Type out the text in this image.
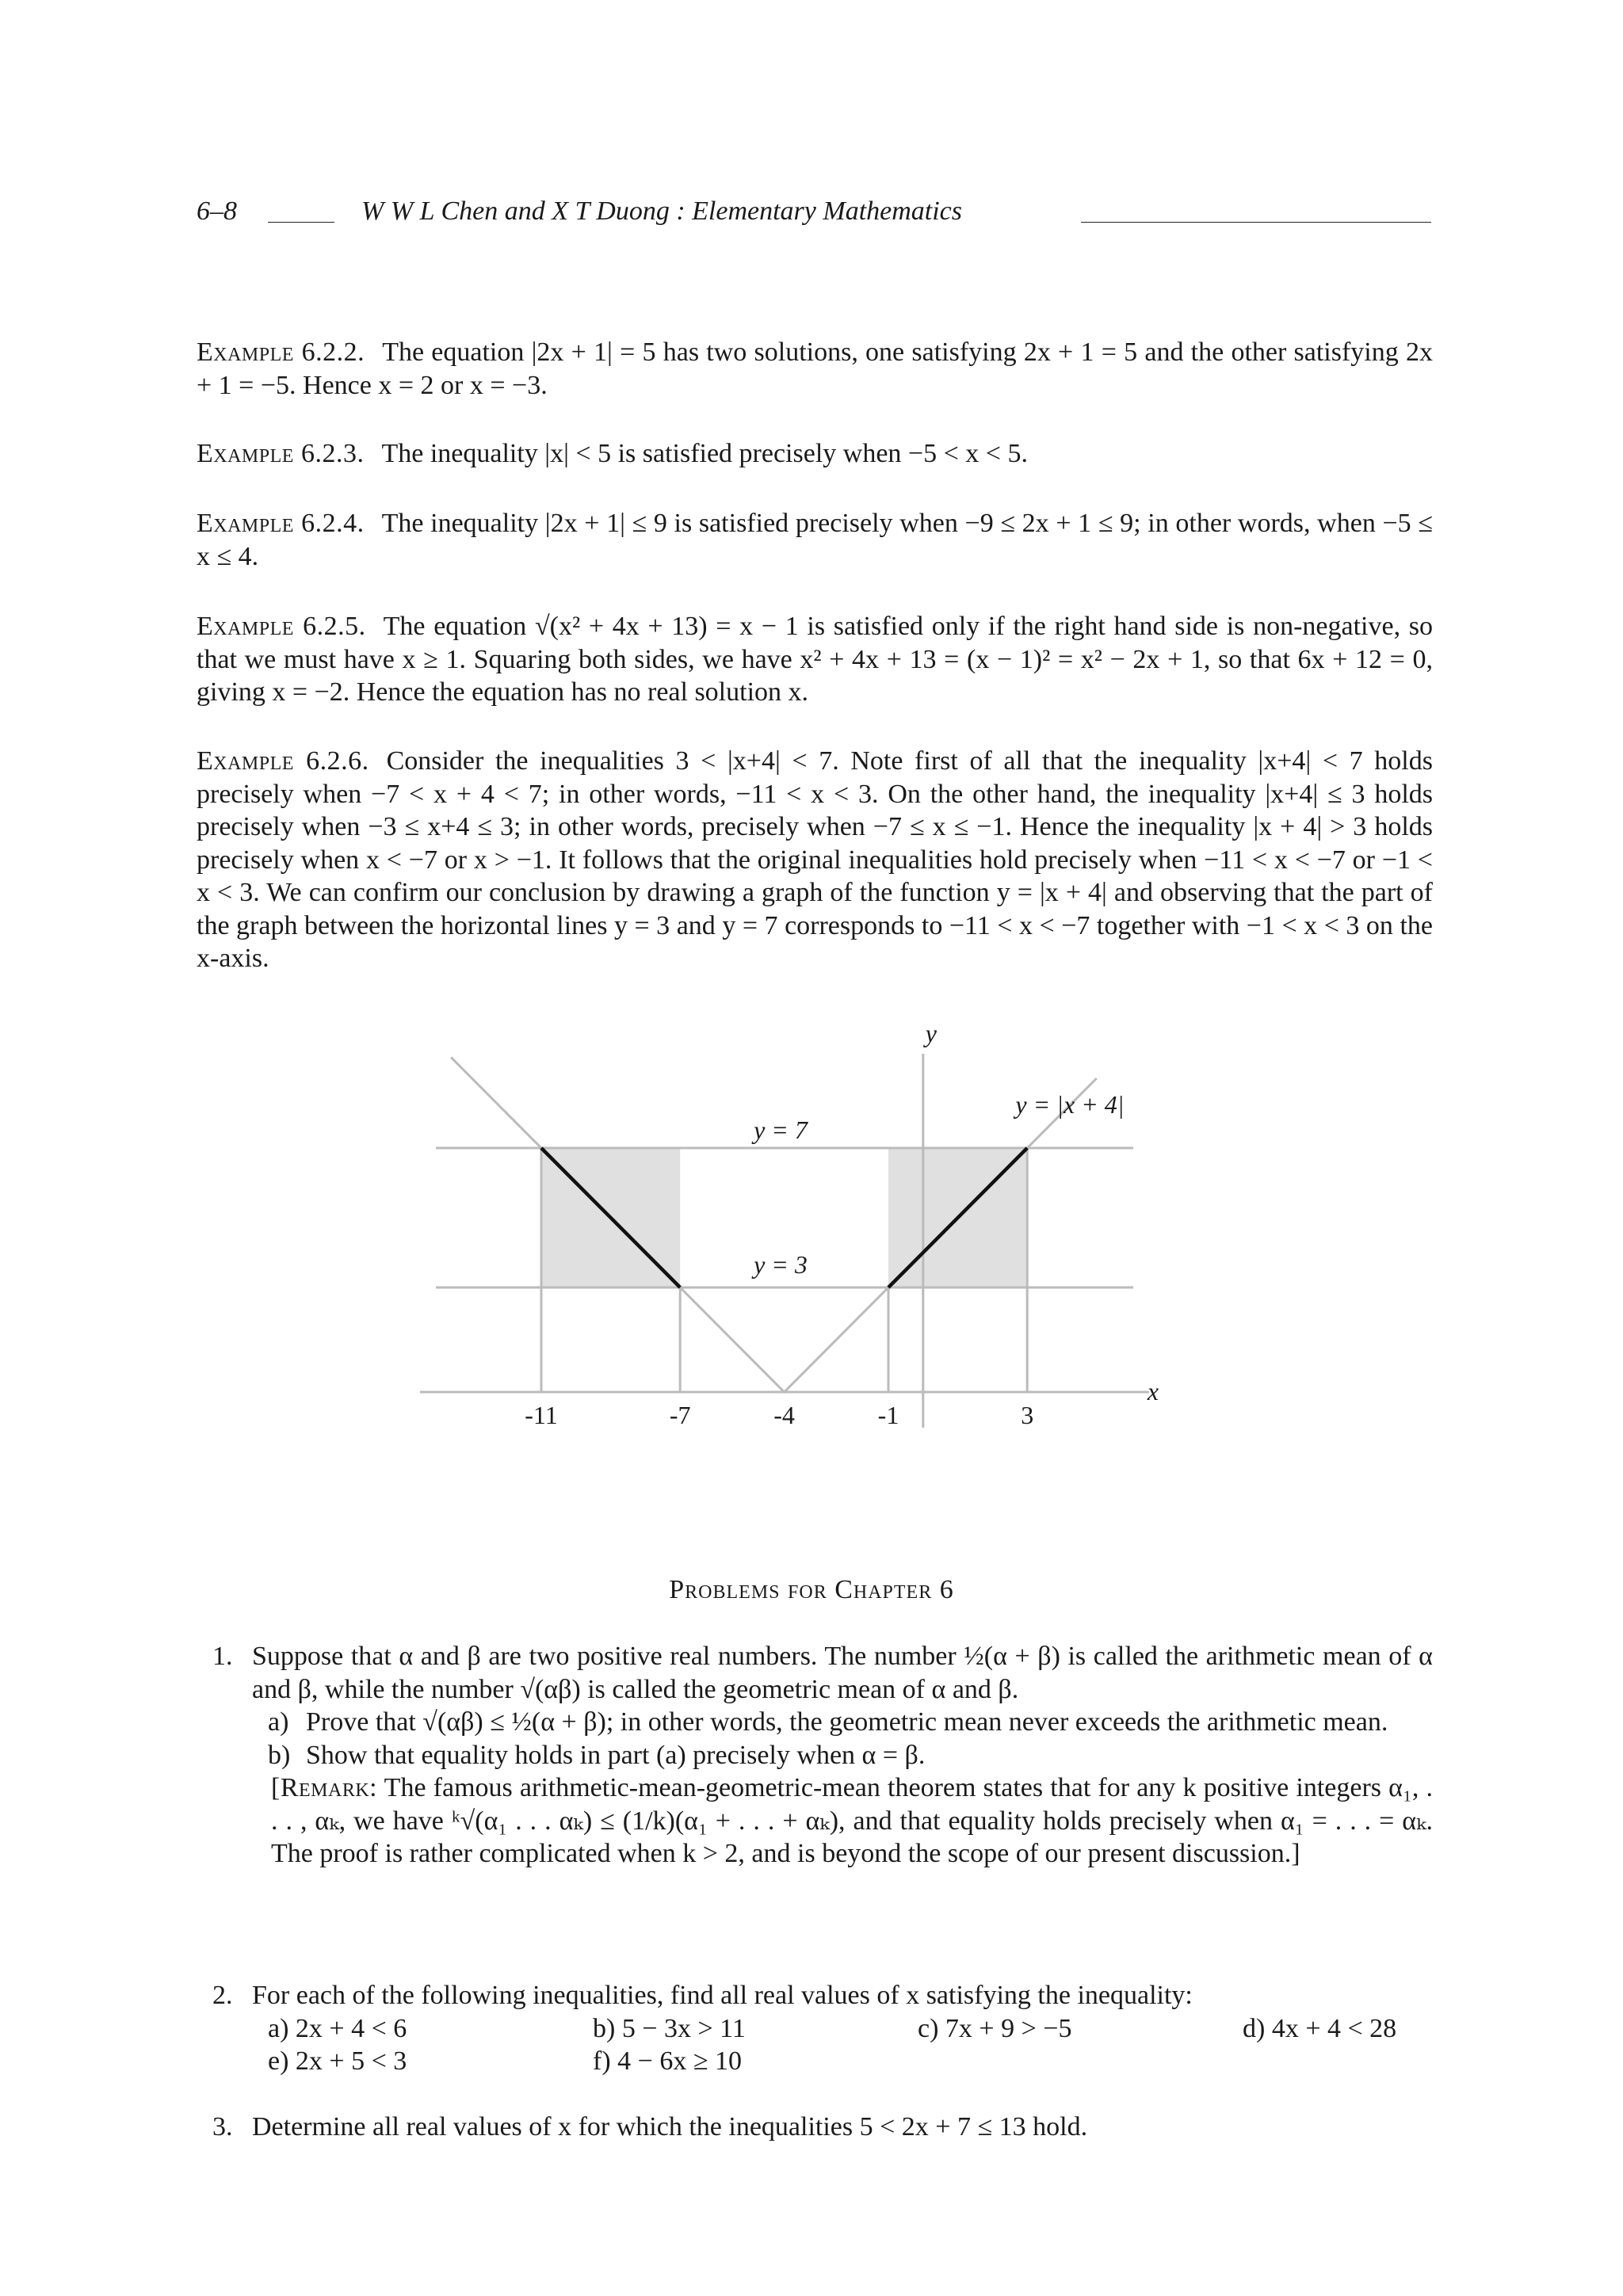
6–8	W W L Chen and X T Duong : Elementary Mathematics

Example 6.2.2. The equation |2x + 1| = 5 has two solutions, one satisfying 2x + 1 = 5 and the other satisfying 2x + 1 = −5. Hence x = 2 or x = −3.

Example 6.2.3. The inequality |x| < 5 is satisfied precisely when −5 < x < 5.

Example 6.2.4. The inequality |2x + 1| ≤ 9 is satisfied precisely when −9 ≤ 2x + 1 ≤ 9; in other words, when −5 ≤ x ≤ 4.

Example 6.2.5. The equation √(x² + 4x + 13) = x − 1 is satisfied only if the right hand side is non-negative, so that we must have x ≥ 1. Squaring both sides, we have x² + 4x + 13 = (x − 1)² = x² − 2x + 1, so that 6x + 12 = 0, giving x = −2. Hence the equation has no real solution x.

Example 6.2.6. Consider the inequalities 3 < |x+4| < 7. Note first of all that the inequality |x+4| < 7 holds precisely when −7 < x + 4 < 7; in other words, −11 < x < 3. On the other hand, the inequality |x+4| ≤ 3 holds precisely when −3 ≤ x+4 ≤ 3; in other words, precisely when −7 ≤ x ≤ −1. Hence the inequality |x + 4| > 3 holds precisely when x < −7 or x > −1. It follows that the original inequalities hold precisely when −11 < x < −7 or −1 < x < 3. We can confirm our conclusion by drawing a graph of the function y = |x + 4| and observing that the part of the graph between the horizontal lines y = 3 and y = 7 corresponds to −11 < x < −7 together with −1 < x < 3 on the x-axis.

-11	-7	-4	-1	3
y
x
y = |x + 4|
y = 7
y = 3
Problems for Chapter 6
1. Suppose that α and β are two positive real numbers. The number ½(α + β) is called the arithmetic mean of α and β, while the number √(αβ) is called the geometric mean of α and β.
a) Prove that √(αβ) ≤ ½(α + β); in other words, the geometric mean never exceeds the arithmetic mean.
b) Show that equality holds in part (a) precisely when α = β.
[Remark: The famous arithmetic-mean-geometric-mean theorem states that for any k positive integers α₁, . . . , αₖ, we have ᵏ√(α₁ . . . αₖ) ≤ (1/k)(α₁ + . . . + αₖ), and that equality holds precisely when α₁ = . . . = αₖ. The proof is rather complicated when k > 2, and is beyond the scope of our present discussion.]
2. For each of the following inequalities, find all real values of x satisfying the inequality:
a) 2x + 4 < 6	b) 5 − 3x > 11	c) 7x + 9 > −5	d) 4x + 4 < 28
e) 2x + 5 < 3	f) 4 − 6x ≥ 10
3. Determine all real values of x for which the inequalities 5 < 2x + 7 ≤ 13 hold.
